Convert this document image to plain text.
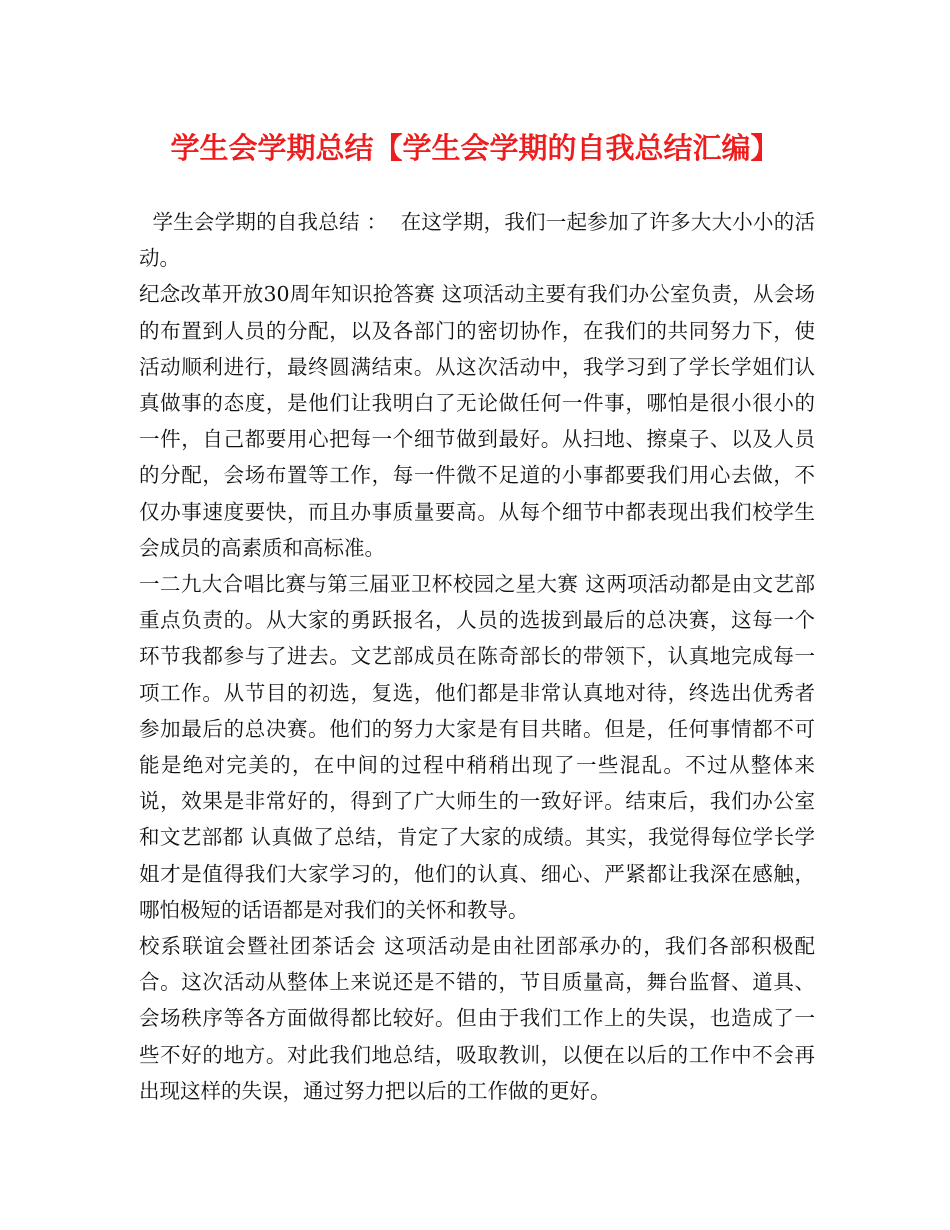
学生会学期总结【学生会学期的自我总结汇编】

学生会学期的自我总结 ：  在这学期，我们一起参加了许多大大小小的活动。

纪念改革开放30周年知识抢答赛 这项活动主要有我们办公室负责，从会场的布置到人员的分配，以及各部门的密切协作，在我们的共同努力下，使活动顺利进行，最终圆满结束。从这次活动中，我学习到了学长学姐们认真做事的态度，是他们让我明白了无论做任何一件事，哪怕是很小很小的一件，自己都要用心把每一个细节做到最好。从扫地、擦桌子、以及人员的分配，会场布置等工作，每一件微不足道的小事都要我们用心去做，不仅办事速度要快，而且办事质量要高。从每个细节中都表现出我们校学生会成员的高素质和高标准。

一二九大合唱比赛与第三届亚卫杯校园之星大赛 这两项活动都是由文艺部重点负责的。从大家的勇跃报名，人员的选拔到最后的总决赛，这每一个环节我都参与了进去。文艺部成员在陈奇部长的带领下，认真地完成每一项工作。从节目的初选，复选，他们都是非常认真地对待，终选出优秀者参加最后的总决赛。他们的努力大家是有目共睹。但是，任何事情都不可能是绝对完美的，在中间的过程中稍稍出现了一些混乱。不过从整体来说，效果是非常好的，得到了广大师生的一致好评。结束后，我们办公室和文艺部都 认真做了总结，肯定了大家的成绩。其实，我觉得每位学长学姐才是值得我们大家学习的，他们的认真、细心、严紧都让我深在感触，哪怕极短的话语都是对我们的关怀和教导。

校系联谊会暨社团茶话会 这项活动是由社团部承办的，我们各部积极配合。这次活动从整体上来说还是不错的，节目质量高，舞台监督、道具、会场秩序等各方面做得都比较好。但由于我们工作上的失误，也造成了一些不好的地方。对此我们地总结，吸取教训，以便在以后的工作中不会再出现这样的失误，通过努力把以后的工作做的更好。
